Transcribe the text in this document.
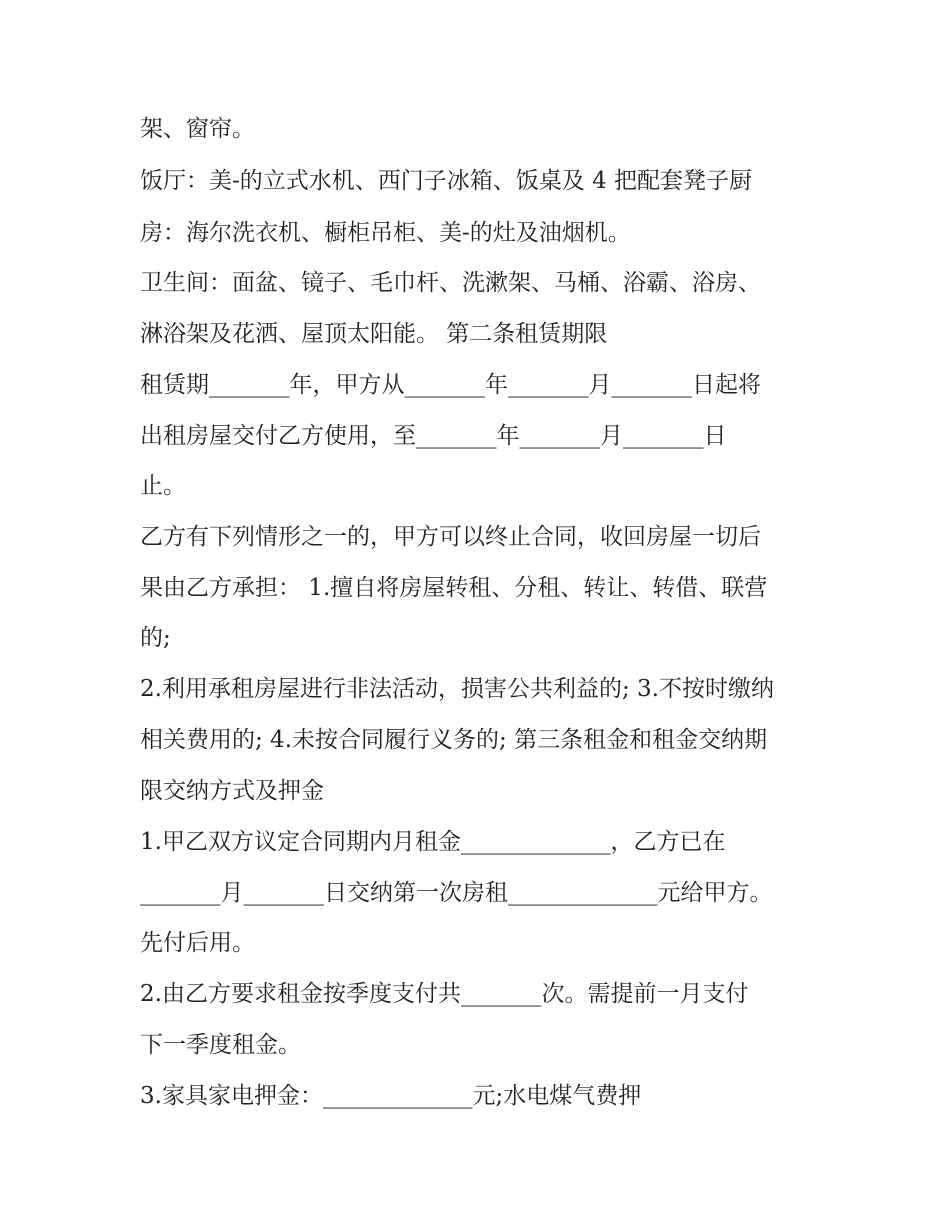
架、窗帘。
饭厅：美-的立式水机、西门子冰箱、饭桌及 4 把配套凳子厨
房：海尔洗衣机、橱柜吊柜、美-的灶及油烟机。
卫生间：面盆、镜子、毛巾杆、洗漱架、马桶、浴霸、浴房、
淋浴架及花洒、屋顶太阳能。 第二条租赁期限
租赁期_______年，甲方从_______年_______月_______日起将
出租房屋交付乙方使用，至_______年_______月_______日
止。
乙方有下列情形之一的，甲方可以终止合同，收回房屋一切后
果由乙方承担： 1.擅自将房屋转租、分租、转让、转借、联营
的;
2.利用承租房屋进行非法活动，损害公共利益的; 3.不按时缴纳
相关费用的; 4.未按合同履行义务的; 第三条租金和租金交纳期
限交纳方式及押金
1.甲乙双方议定合同期内月租金_____________，乙方已在
_______月_______日交纳第一次房租_____________元给甲方。
先付后用。
2.由乙方要求租金按季度支付共_______次。需提前一月支付
下一季度租金。
3.家具家电押金：_____________元;水电煤气费押
